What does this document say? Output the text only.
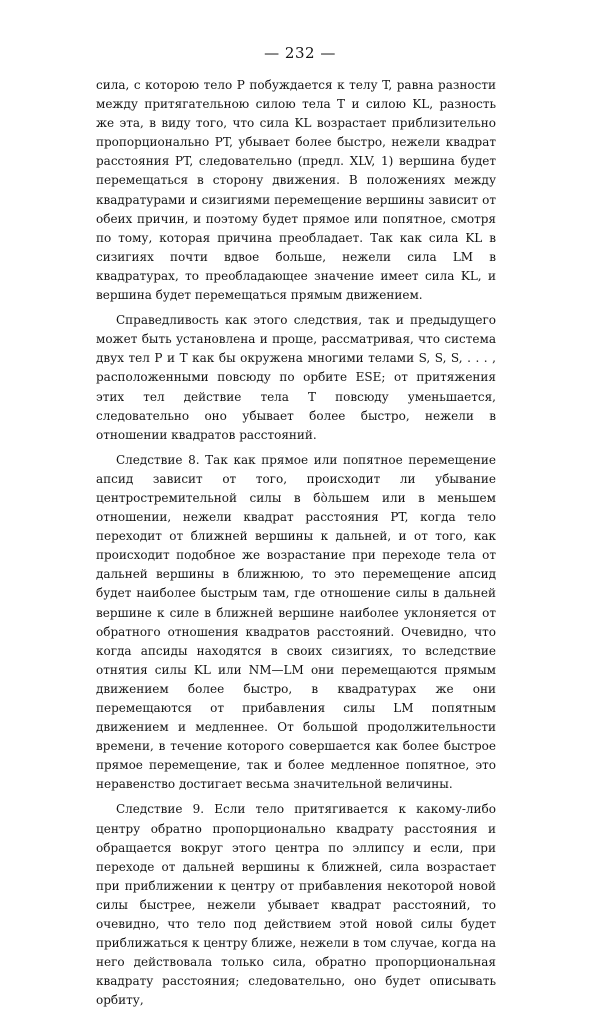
— 232 —

сила, с которою тело P побуждается к телу T, равна разности между притягательною силою тела T и силою KL, разность же эта, в виду того, что сила KL возрастает приблизительно пропорционально PT, убывает более быстро, нежели квадрат расстояния PT, следовательно (предл. XLV, 1) вершина будет перемещаться в сторону движения. В положениях между квадратурами и сизигиями перемещение вершины зависит от обеих причин, и поэтому будет прямое или попятное, смотря по тому, которая причина преобладает. Так как сила KL в сизигиях почти вдвое больше, нежели сила LM в квадратурах, то преобладающее значение имеет сила KL, и вершина будет перемещаться прямым движением.

Справедливость как этого следствия, так и предыдущего может быть установлена и проще, рассматривая, что система двух тел P и T как бы окружена многими телами S, S, S, . . . , расположенными повсюду по орбите ESE; от притяжения этих тел действие тела T повсюду уменьшается, следовательно оно убывает более быстро, нежели в отношении квадратов расстояний.

Следствие 8. Так как прямое или попятное перемещение апсид зависит от того, происходит ли убывание центростремительной силы в бо̀льшем или в меньшем отношении, нежели квадрат расстояния PT, когда тело переходит от ближней вершины к дальней, и от того, как происходит подобное же возрастание при переходе тела от дальней вершины в ближнюю, то это перемещение апсид будет наиболее быстрым там, где отношение силы в дальней вершине к силе в ближней вершине наиболее уклоняется от обратного отношения квадратов расстояний. Очевидно, что когда апсиды находятся в своих сизигиях, то вследствие отнятия силы KL или NM—LM они перемещаются прямым движением более быстро, в квадратурах же они перемещаются от прибавления силы LM попятным движением и медленнее. От большой продолжительности времени, в течение которого совершается как более быстрое прямое перемещение, так и более медленное попятное, это неравенство достигает весьма значительной величины.

Следствие 9. Если тело притягивается к какому-либо центру обратно пропорционально квадрату расстояния и обращается вокруг этого центра по эллипсу и если, при переходе от дальней вершины к ближней, сила возрастает при приближении к центру от прибавления некоторой новой силы быстрее, нежели убывает квадрат расстояний, то очевидно, что тело под действием этой новой силы будет приближаться к центру ближе, нежели в том случае, когда на него действовала только сила, обратно пропорциональная квадрату расстояния; следовательно, оно будет описывать орбиту,
